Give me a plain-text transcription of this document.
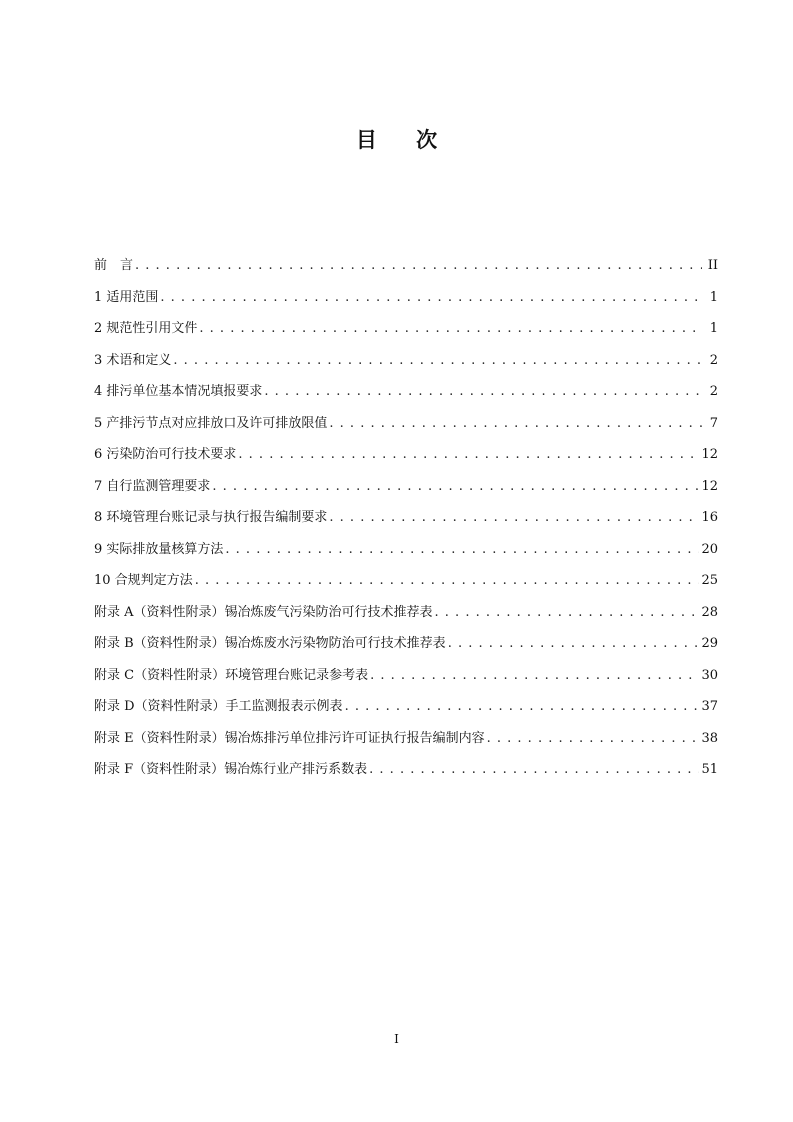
目 次
前　言 . . .	II
1 适用范围 . . .	1
2 规范性引用文件 . . .	1
3 术语和定义 . . .	2
4 排污单位基本情况填报要求 . . .	2
5 产排污节点对应排放口及许可排放限值 . . .	7
6 污染防治可行技术要求 . . .	12
7 自行监测管理要求 . . .	12
8 环境管理台账记录与执行报告编制要求 . . .	16
9 实际排放量核算方法 . . .	20
10 合规判定方法 . . .	25
附录 A（资料性附录）锡冶炼废气污染防治可行技术推荐表 . . .	28
附录 B（资料性附录）锡冶炼废水污染物防治可行技术推荐表 . . .	29
附录 C（资料性附录）环境管理台账记录参考表 . . .	30
附录 D（资料性附录）手工监测报表示例表 . . .	37
附录 E（资料性附录）锡冶炼排污单位排污许可证执行报告编制内容 . . .	38
附录 F（资料性附录）锡冶炼行业产排污系数表 . . .	51
I
